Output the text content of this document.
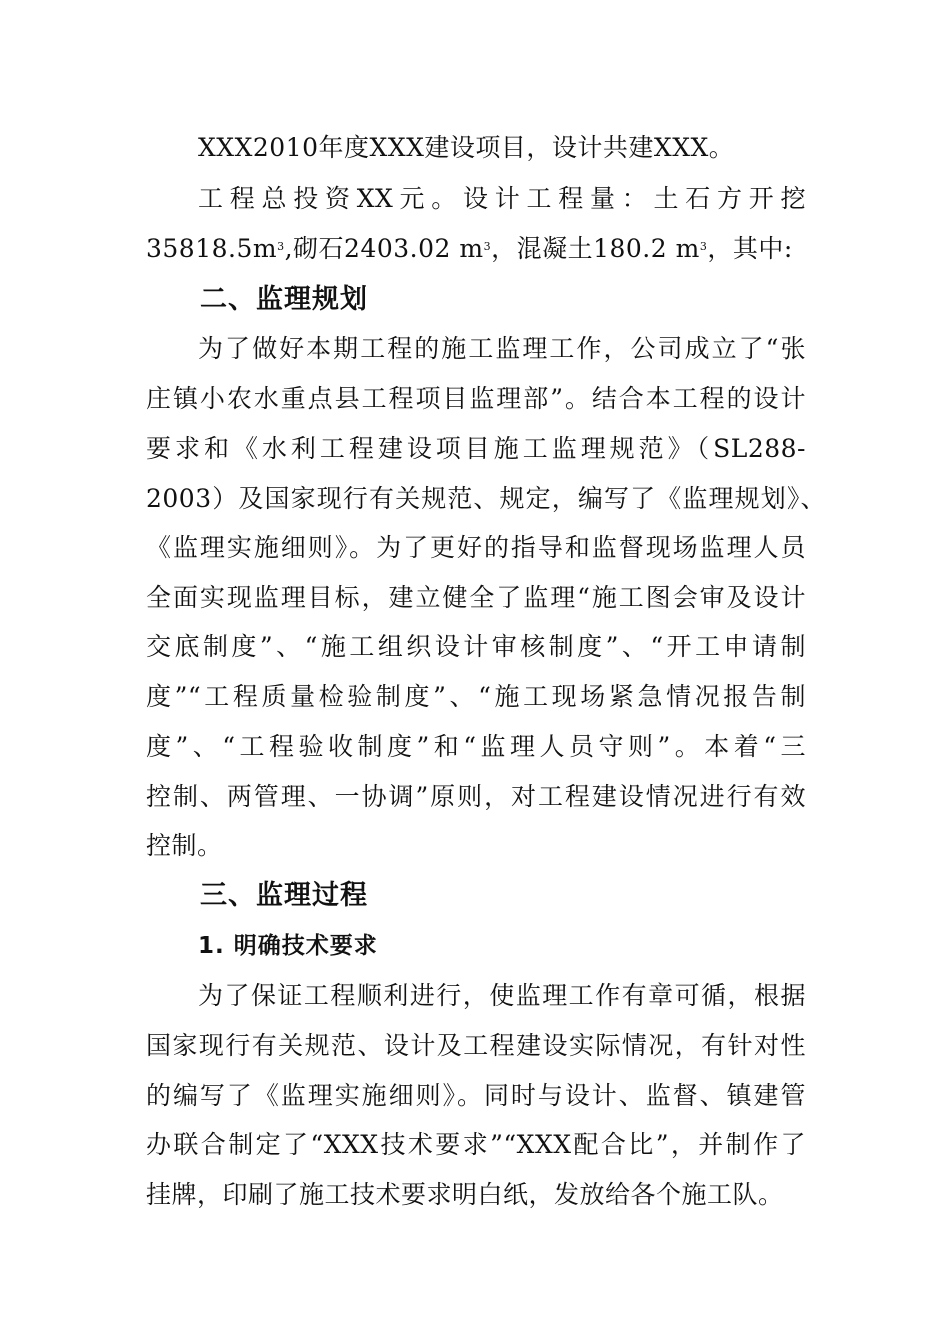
XXX2010年度XXX建设项目，设计共建XXX。
工程总投资XX元。设计工程量：土石方开挖
$35818.5m^3$,砌石2403.02 $m^3$，混凝土180.2 $m^3$，其中:
二、监理规划
为了做好本期工程的施工监理工作，公司成立了“张
庄镇小农水重点县工程项目监理部”。结合本工程的设计
要求和《水利工程建设项目施工监理规范》（SL288-
2003）及国家现行有关规范、规定，编写了《监理规划》、
《监理实施细则》。为了更好的指导和监督现场监理人员
全面实现监理目标，建立健全了监理“施工图会审及设计
交底制度”、“施工组织设计审核制度”、“开工申请制
度”“工程质量检验制度”、“施工现场紧急情况报告制
度”、“工程验收制度”和“监理人员守则”。本着“三
控制、两管理、一协调”原则，对工程建设情况进行有效
控制。
三、监理过程
1. 明确技术要求
为了保证工程顺利进行，使监理工作有章可循，根据
国家现行有关规范、设计及工程建设实际情况，有针对性
的编写了《监理实施细则》。同时与设计、监督、镇建管
办联合制定了“XXX技术要求”“XXX配合比”，并制作了
挂牌，印刷了施工技术要求明白纸，发放给各个施工队。
